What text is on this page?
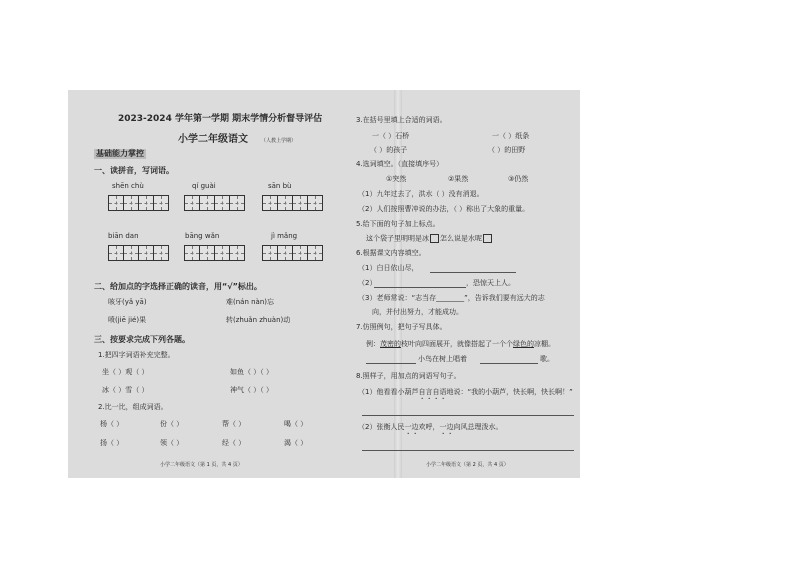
2023-2024 学年第一学期 期末学情分析督导评估
小学二年级语文	（人教上学期）
基础能力掌控
一、读拼音，写词语。
shēn chù	qí guài	sān bù
biān dan	bāng wǎn	jì mǎng
二、给加点的字选择正确的读音，用“√”标出。
咳牙(yǎ yā)	难(nán nàn)忘
喷(jiē jié)果	转(zhuǎn zhuàn)动
三、按要求完成下列各题。
1.把四字词语补充完整。
坐（ ）观（ ）	如鱼（ ）（ ）
冰（ ）雪（ ）	神气（ ）（ ）
2.比一比，组成词语。
杨（ ）	份（ ）	帮（ ）	喝（ ）
扬（ ）	领（ ）	经（ ）	渴（ ）
小学二年级语文（第 1 页，共 4 页）
3.在括号里填上合适的词语。
一（ ）石桥	一（ ）纸条
（ ）的孩子	（ ）的田野
4.选词填空。（直接填序号）
①突然	②果然	③仍然
（1）九年过去了，洪水（ ）没有消退。
（2）人们按照曹冲说的办法，（ ）称出了大象的重量。
5.给下面的句子加上标点。
这个袋子里明明是冰 怎么说是水呢
6.根据课文内容填空。
（1）白日依山尽，
（2）	，恐惊天上人。
（3）老师常说：“志当存________”，告诉我们要有远大的志
向，并付出努力，才能成功。
7.仿照例句，把句子写具体。
例：茂密的枝叶向四面展开，就像搭起了一个个绿色的凉棚。
小鸟在树上唱着	歌。
8.照样子，用加点的词语写句子。
（1）他看看小葫芦自言自语地说：“我的小葫芦，快长啊，快长啊！”
（2）张衡人民一边欢呼，一边向风总理泼水。
小学二年级语文（第 2 页，共 4 页）
